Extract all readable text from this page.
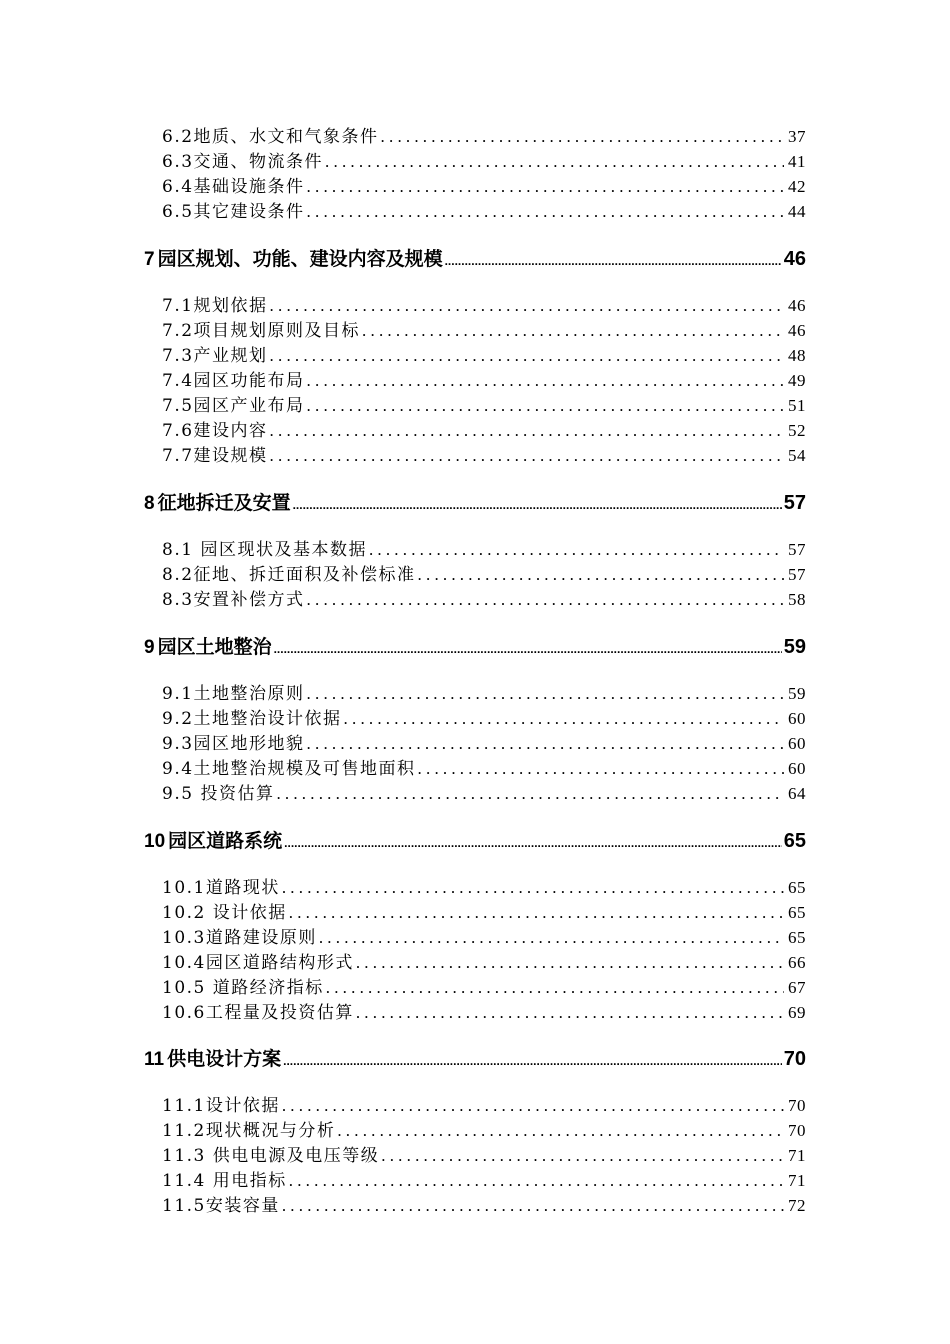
6.2地质、水文和气象条件 .....	37
6.3交通、物流条件 .....	41
6.4基础设施条件 .....	42
6.5其它建设条件 .....	44
7 园区规划、功能、建设内容及规模 .....	46
7.1规划依据 .....	46
7.2项目规划原则及目标 .....	46
7.3产业规划 .....	48
7.4园区功能布局 .....	49
7.5园区产业布局 .....	51
7.6建设内容 .....	52
7.7建设规模 .....	54
8 征地拆迁及安置 .....	57
8.1 园区现状及基本数据 .....	57
8.2征地、拆迁面积及补偿标准 .....	57
8.3安置补偿方式 .....	58
9 园区土地整治 .....	59
9.1土地整治原则 .....	59
9.2土地整治设计依据 .....	60
9.3园区地形地貌 .....	60
9.4土地整治规模及可售地面积 .....	60
9.5 投资估算 .....	64
10 园区道路系统 .....	65
10.1道路现状 .....	65
10.2 设计依据 .....	65
10.3道路建设原则 .....	65
10.4园区道路结构形式 .....	66
10.5 道路经济指标 .....	67
10.6工程量及投资估算 .....	69
11 供电设计方案 .....	70
11.1设计依据 .....	70
11.2现状概况与分析 .....	70
11.3 供电电源及电压等级 .....	71
11.4 用电指标 .....	71
11.5安装容量 .....	72
